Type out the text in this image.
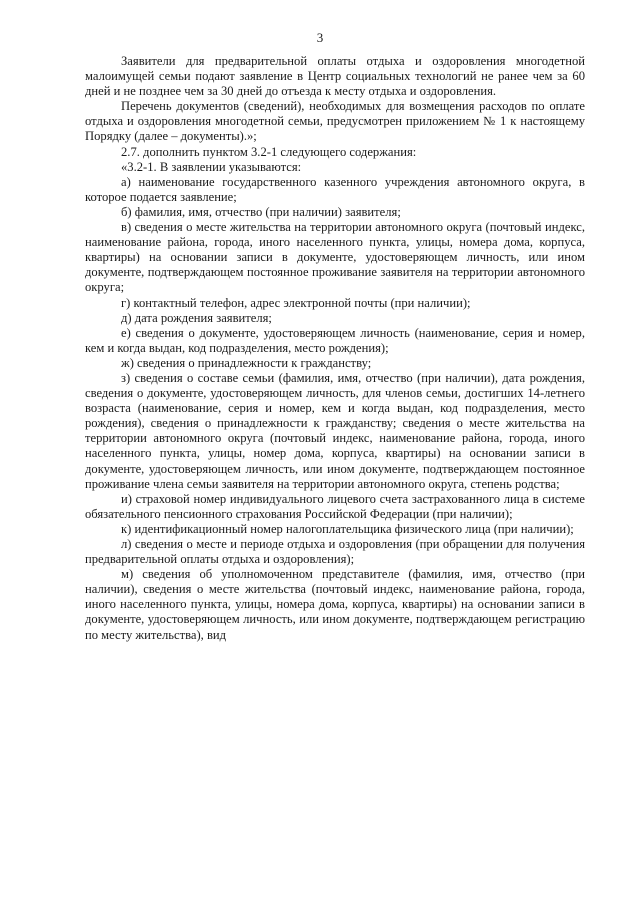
3

Заявители для предварительной оплаты отдыха и оздоровления многодетной малоимущей семьи подают заявление в Центр социальных технологий не ранее чем за 60 дней и не позднее чем за 30 дней до отъезда к месту отдыха и оздоровления.

Перечень документов (сведений), необходимых для возмещения расходов по оплате отдыха и оздоровления многодетной семьи, предусмотрен приложением № 1 к настоящему Порядку (далее – документы).»;

2.7. дополнить пунктом 3.2-1 следующего содержания:

«3.2-1. В заявлении указываются:

а) наименование государственного казенного учреждения автономного округа, в которое подается заявление;

б) фамилия, имя, отчество (при наличии) заявителя;

в) сведения о месте жительства на территории автономного округа (почтовый индекс, наименование района, города, иного населенного пункта, улицы, номера дома, корпуса, квартиры) на основании записи в документе, удостоверяющем личность, или ином документе, подтверждающем постоянное проживание заявителя на территории автономного округа;

г) контактный телефон, адрес электронной почты (при наличии);

д) дата рождения заявителя;

е) сведения о документе, удостоверяющем личность (наименование, серия и номер, кем и когда выдан, код подразделения, место рождения);

ж) сведения о принадлежности к гражданству;

з) сведения о составе семьи (фамилия, имя, отчество (при наличии), дата рождения, сведения о документе, удостоверяющем личность, для членов семьи, достигших 14-летнего возраста (наименование, серия и номер, кем и когда выдан, код подразделения, место рождения), сведения о принадлежности к гражданству; сведения о месте жительства на территории автономного округа (почтовый индекс, наименование района, города, иного населенного пункта, улицы, номер дома, корпуса, квартиры) на основании записи в документе, удостоверяющем личность, или ином документе, подтверждающем постоянное проживание члена семьи заявителя на территории автономного округа, степень родства;

и) страховой номер индивидуального лицевого счета застрахованного лица в системе обязательного пенсионного страхования Российской Федерации (при наличии);

к) идентификационный номер налогоплательщика физического лица (при наличии);

л) сведения о месте и периоде отдыха и оздоровления (при обращении для получения предварительной оплаты отдыха и оздоровления);

м) сведения об уполномоченном представителе (фамилия, имя, отчество (при наличии), сведения о месте жительства (почтовый индекс, наименование района, города, иного населенного пункта, улицы, номера дома, корпуса, квартиры) на основании записи в документе, удостоверяющем личность, или ином документе, подтверждающем регистрацию по месту жительства), вид
